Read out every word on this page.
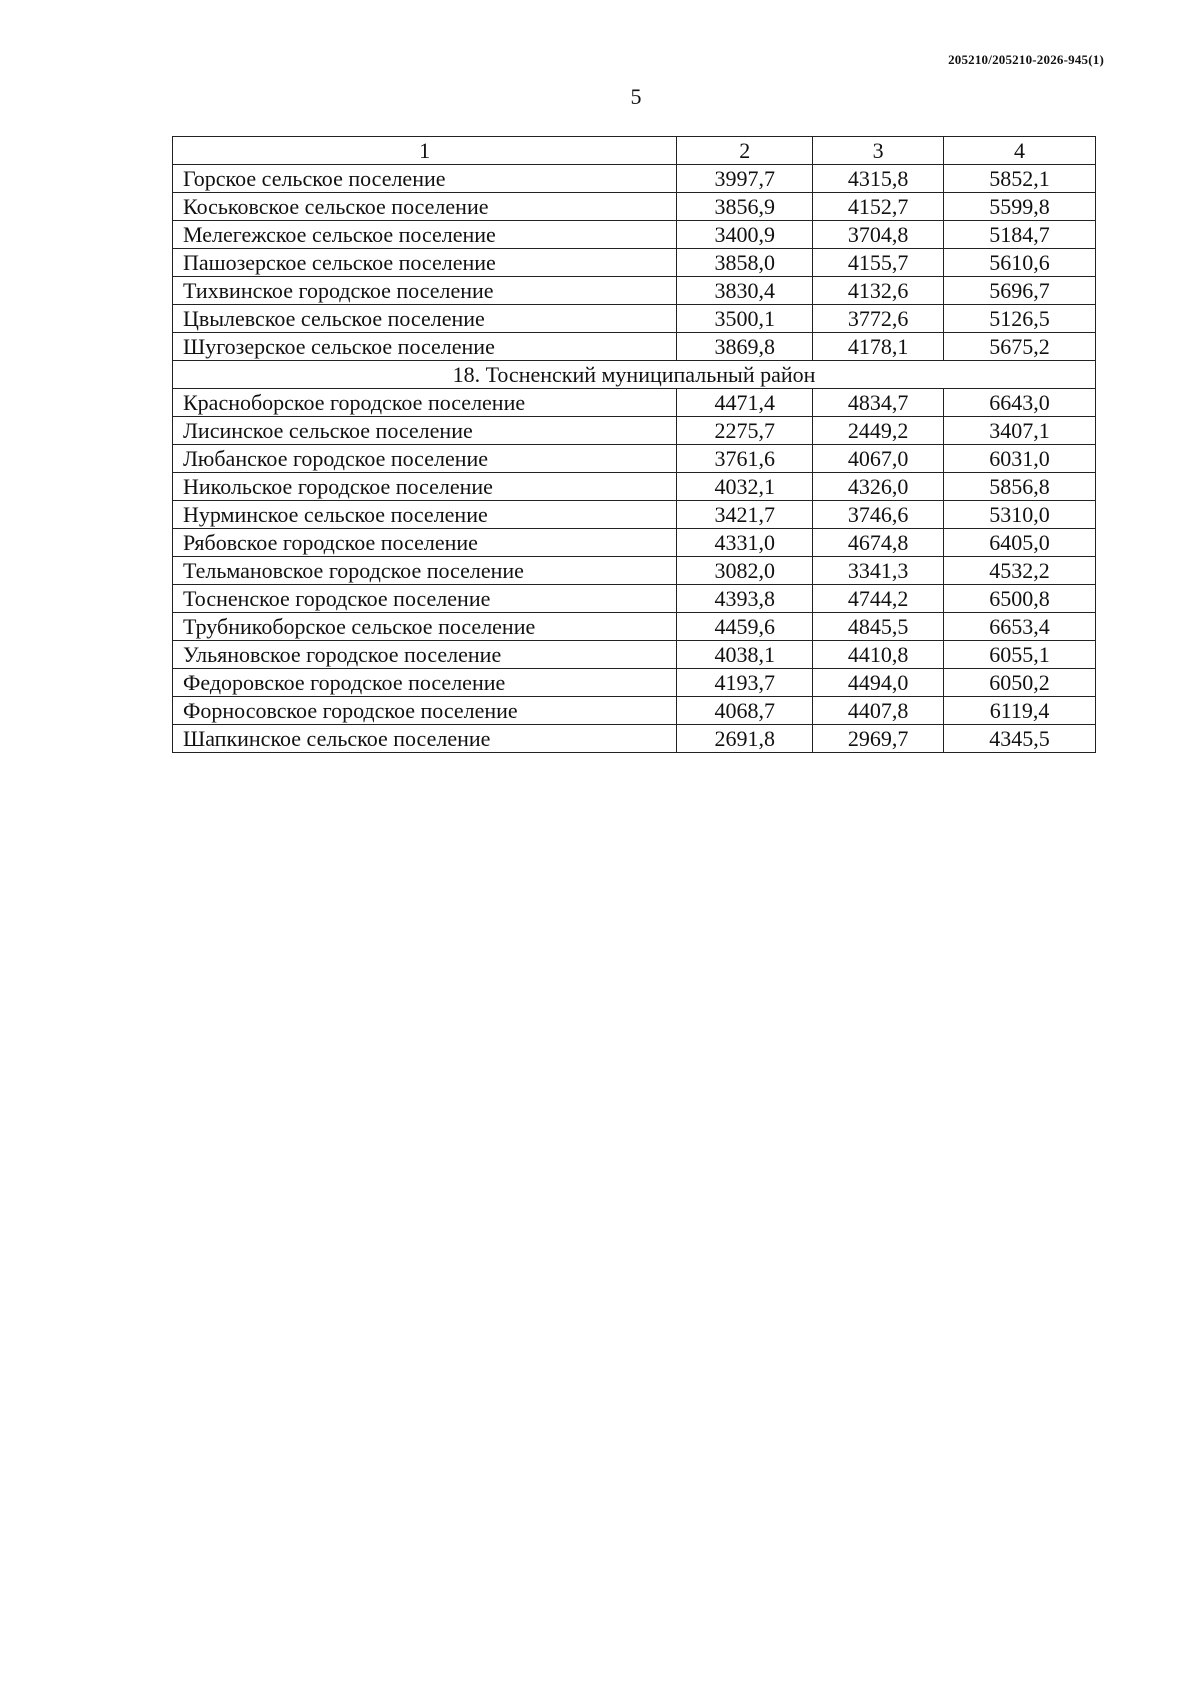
205210/205210-2026-945(1)
5
1	2	3	4
Горское сельское поселение	3997,7	4315,8	5852,1
Коськовское сельское поселение	3856,9	4152,7	5599,8
Мелегежское сельское поселение	3400,9	3704,8	5184,7
Пашозерское сельское поселение	3858,0	4155,7	5610,6
Тихвинское городское поселение	3830,4	4132,6	5696,7
Цвылевское сельское поселение	3500,1	3772,6	5126,5
Шугозерское сельское поселение	3869,8	4178,1	5675,2
18. Тосненский муниципальный район			
Красноборское городское поселение	4471,4	4834,7	6643,0
Лисинское сельское поселение	2275,7	2449,2	3407,1
Любанское городское поселение	3761,6	4067,0	6031,0
Никольское городское поселение	4032,1	4326,0	5856,8
Нурминское сельское поселение	3421,7	3746,6	5310,0
Рябовское городское поселение	4331,0	4674,8	6405,0
Тельмановское городское поселение	3082,0	3341,3	4532,2
Тосненское городское поселение	4393,8	4744,2	6500,8
Трубникоборское сельское поселение	4459,6	4845,5	6653,4
Ульяновское городское поселение	4038,1	4410,8	6055,1
Федоровское городское поселение	4193,7	4494,0	6050,2
Форносовское городское поселение	4068,7	4407,8	6119,4
Шапкинское сельское поселение	2691,8	2969,7	4345,5
